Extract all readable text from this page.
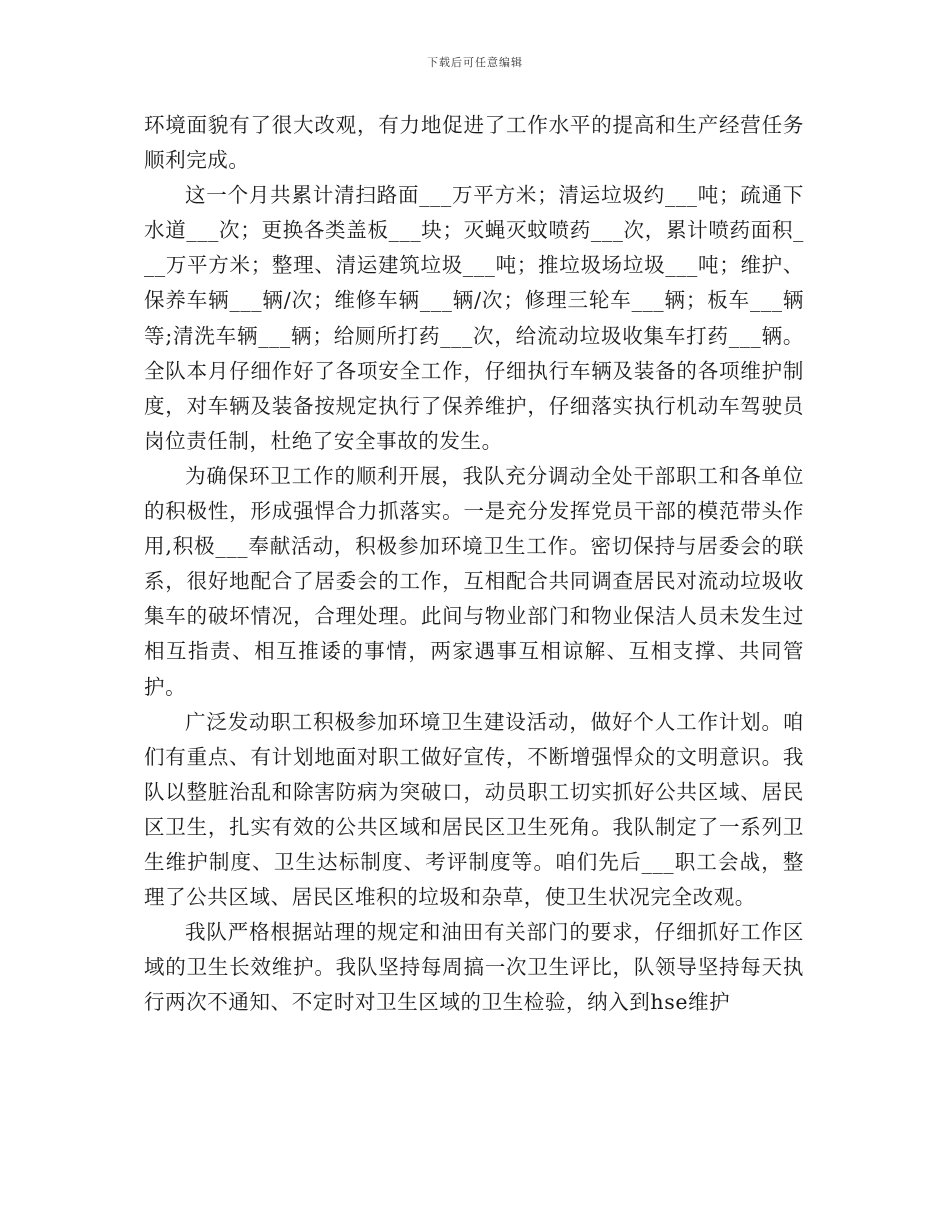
下载后可任意编辑

环境面貌有了很大改观，有力地促进了工作水平的提高和生产经营任务顺利完成。

这一个月共累计清扫路面___万平方米；清运垃圾约___吨；疏通下水道___次；更换各类盖板___块；灭蝇灭蚊喷药___次，累计喷药面积___万平方米；整理、清运建筑垃圾___吨；推垃圾场垃圾___吨；维护、保养车辆___辆/次；维修车辆___辆/次；修理三轮车___辆；板车___辆等;清洗车辆___辆；给厕所打药___次，给流动垃圾收集车打药___辆。全队本月仔细作好了各项安全工作，仔细执行车辆及装备的各项维护制度，对车辆及装备按规定执行了保养维护，仔细落实执行机动车驾驶员岗位责任制，杜绝了安全事故的发生。

为确保环卫工作的顺利开展，我队充分调动全处干部职工和各单位的积极性，形成强悍合力抓落实。一是充分发挥党员干部的模范带头作用,积极___奉献活动，积极参加环境卫生工作。密切保持与居委会的联系，很好地配合了居委会的工作，互相配合共同调查居民对流动垃圾收集车的破坏情况，合理处理。此间与物业部门和物业保洁人员未发生过相互指责、相互推诿的事情，两家遇事互相谅解、互相支撑、共同管护。

广泛发动职工积极参加环境卫生建设活动，做好个人工作计划。咱们有重点、有计划地面对职工做好宣传，不断增强悍众的文明意识。我队以整脏治乱和除害防病为突破口，动员职工切实抓好公共区域、居民区卫生，扎实有效的公共区域和居民区卫生死角。我队制定了一系列卫生维护制度、卫生达标制度、考评制度等。咱们先后___职工会战，整理了公共区域、居民区堆积的垃圾和杂草，使卫生状况完全改观。

我队严格根据站理的规定和油田有关部门的要求，仔细抓好工作区域的卫生长效维护。我队坚持每周搞一次卫生评比，队领导坚持每天执行两次不通知、不定时对卫生区域的卫生检验，纳入到hse维护
